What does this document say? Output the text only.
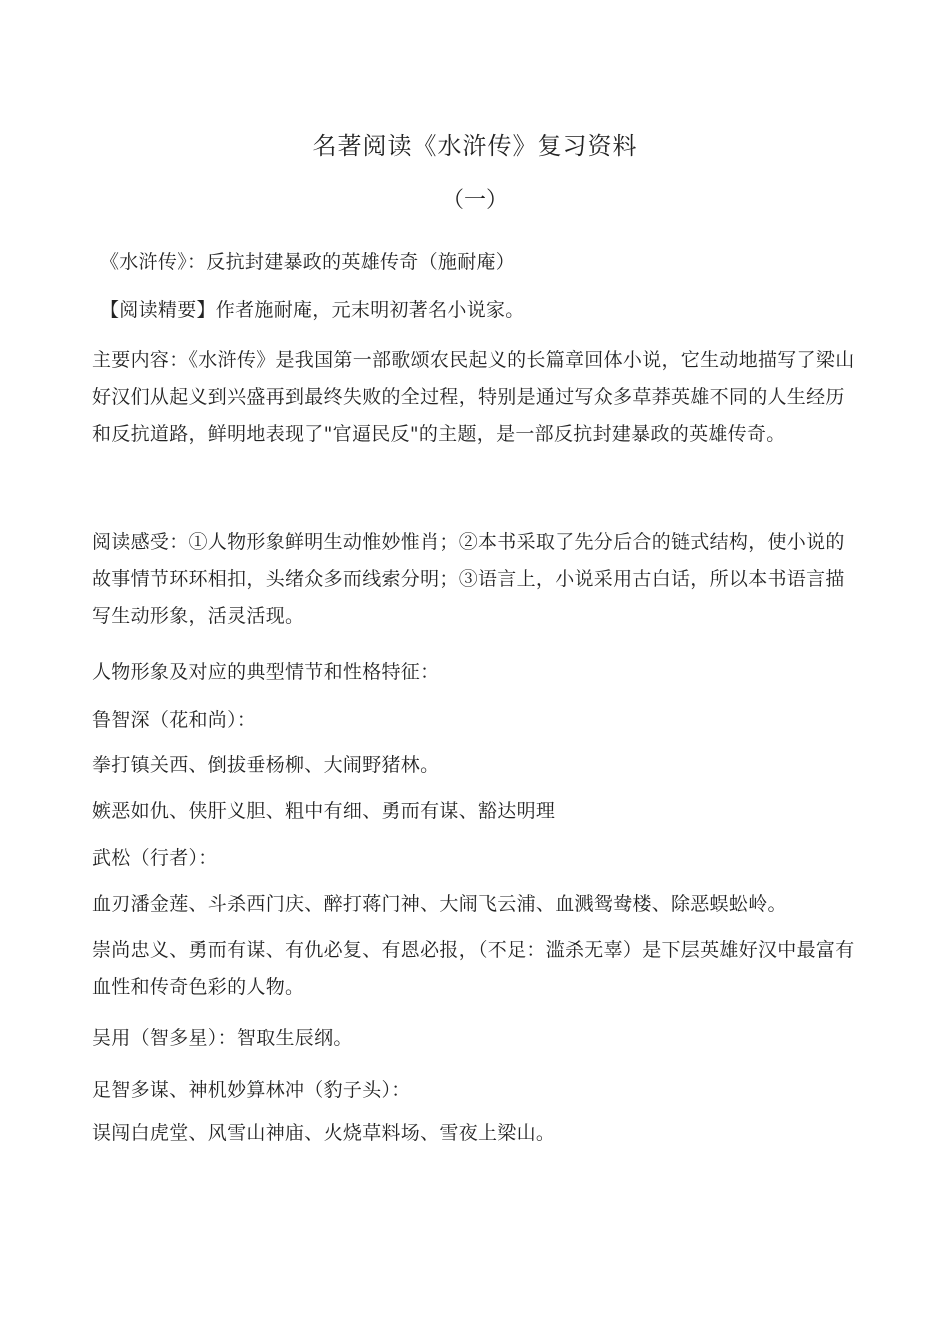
名著阅读《水浒传》复习资料
（一）

《水浒传》：反抗封建暴政的英雄传奇（施耐庵）

【阅读精要】作者施耐庵，元末明初著名小说家。

主要内容：《水浒传》是我国第一部歌颂农民起义的长篇章回体小说，它生动地描写了梁山好汉们从起义到兴盛再到最终失败的全过程，特别是通过写众多草莽英雄不同的人生经历和反抗道路，鲜明地表现了"官逼民反"的主题，是一部反抗封建暴政的英雄传奇。

阅读感受：①人物形象鲜明生动惟妙惟肖；②本书采取了先分后合的链式结构，使小说的故事情节环环相扣，头绪众多而线索分明；③语言上，小说采用古白话，所以本书语言描写生动形象，活灵活现。

人物形象及对应的典型情节和性格特征：

鲁智深（花和尚）：

拳打镇关西、倒拔垂杨柳、大闹野猪林。

嫉恶如仇、侠肝义胆、粗中有细、勇而有谋、豁达明理

武松（行者）：

血刃潘金莲、斗杀西门庆、醉打蒋门神、大闹飞云浦、血溅鸳鸯楼、除恶蜈蚣岭。

崇尚忠义、勇而有谋、有仇必复、有恩必报，（不足：滥杀无辜）是下层英雄好汉中最富有血性和传奇色彩的人物。

吴用（智多星）：智取生辰纲。

足智多谋、神机妙算林冲（豹子头）：

误闯白虎堂、风雪山神庙、火烧草料场、雪夜上梁山。
